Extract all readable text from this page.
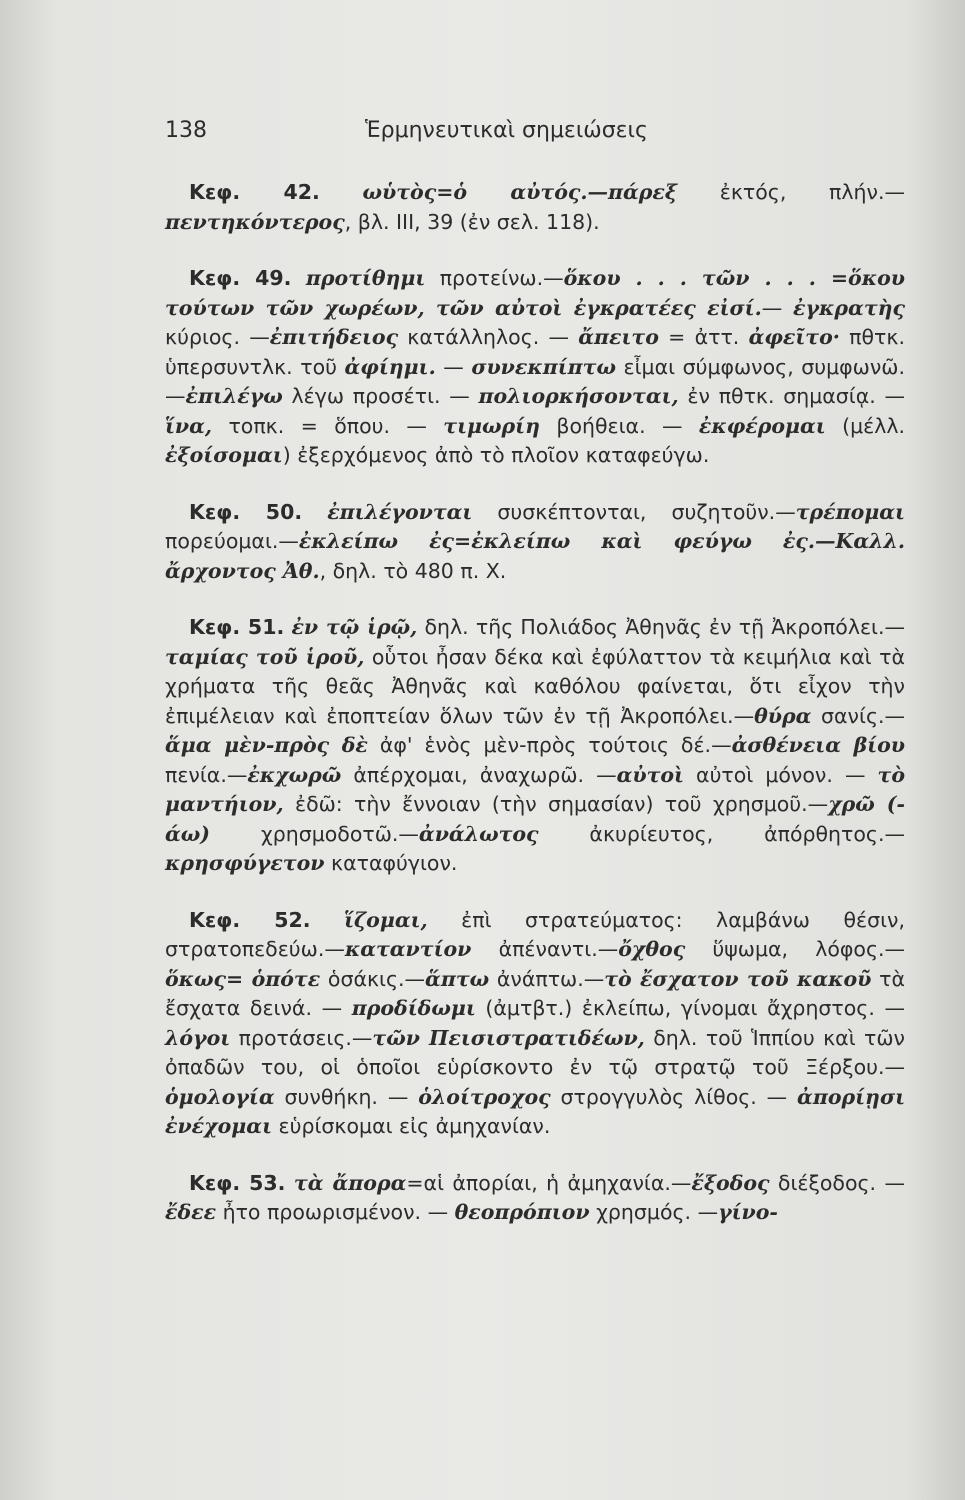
138	Ἑρμηνευτικαὶ σημειώσεις

Κεφ. 42. ωὑτὸς=ὁ αὐτός.—πάρεξ ἐκτός, πλήν.—πεντηκόντερος, βλ. III, 39 (ἐν σελ. 118).

Κεφ. 49. προτίθημι προτείνω.—ὅκου . . . τῶν . . . =ὅκου τούτων τῶν χωρέων, τῶν αὐτοὶ ἐγκρατέες εἰσί.— ἐγκρατὴς κύριος. —ἐπιτήδειος κατάλληλος. — ἄπειτο = ἀττ. ἀφεῖτο· πθτκ. ὑπερσυντλκ. τοῦ ἀφίημι. — συνεκπίπτω εἶμαι σύμφωνος, συμφωνῶ. —ἐπιλέγω λέγω προσέτι. — πολιορκήσονται, ἐν πθτκ. σημασίᾳ. — ἵνα, τοπκ. = ὅπου. — τιμωρίη βοήθεια. — ἐκφέρομαι (μέλλ. ἐξοίσομαι) ἐξερχόμενος ἀπὸ τὸ πλοῖον καταφεύγω.

Κεφ. 50. ἐπιλέγονται συσκέπτονται, συζητοῦν.—τρέπομαι πορεύομαι.—ἐκλείπω ἐς=ἐκλείπω καὶ φεύγω ἐς.—Καλλ. ἄρχοντος Ἀθ., δηλ. τὸ 480 π. Χ.

Κεφ. 51. ἐν τῷ ἱρῷ, δηλ. τῆς Πολιάδος Ἀθηνᾶς ἐν τῇ Ἀκροπόλει.—ταμίας τοῦ ἱροῦ, οὗτοι ἦσαν δέκα καὶ ἐφύλαττον τὰ κειμήλια καὶ τὰ χρήματα τῆς θεᾶς Ἀθηνᾶς καὶ καθόλου φαίνεται, ὅτι εἶχον τὴν ἐπιμέλειαν καὶ ἐποπτείαν ὅλων τῶν ἐν τῇ Ἀκροπόλει.—θύρα σανίς.—ἅμα μὲν-πρὸς δὲ ἀφ' ἑνὸς μὲν-πρὸς τούτοις δέ.—ἀσθένεια βίου πενία.—ἐκχωρῶ ἀπέρχομαι, ἀναχωρῶ. —αὐτοὶ αὐτοὶ μόνον. — τὸ μαντήιον, ἐδῶ: τὴν ἔννοιαν (τὴν σημασίαν) τοῦ χρησμοῦ.—χρῶ (-άω) χρησμοδοτῶ.—ἀνάλωτος ἀκυρίευτος, ἀπόρθητος.—κρησφύγετον καταφύγιον.

Κεφ. 52. ἵζομαι, ἐπὶ στρατεύματος: λαμβάνω θέσιν, στρατοπεδεύω.—καταντίον ἀπέναντι.—ὄχθος ὕψωμα, λόφος.—ὅκως= ὁπότε ὁσάκις.—ἅπτω ἀνάπτω.—τὸ ἔσχατον τοῦ κακοῦ τὰ ἔσχατα δεινά. — προδίδωμι (ἀμτβτ.) ἐκλείπω, γίνομαι ἄχρηστος. — λόγοι προτάσεις.—τῶν Πεισιστρατιδέων, δηλ. τοῦ Ἱππίου καὶ τῶν ὀπαδῶν του, οἱ ὁποῖοι εὑρίσκοντο ἐν τῷ στρατῷ τοῦ Ξέρξου.— ὁμολογία συνθήκη. — ὁλοίτροχος στρογγυλὸς λίθος. — ἀπορίῃσι ἐνέχομαι εὑρίσκομαι εἰς ἀμηχανίαν.

Κεφ. 53. τὰ ἄπορα=αἱ ἀπορίαι, ἡ ἀμηχανία.—ἔξοδος διέξοδος. — ἔδεε ἦτο προωρισμένον. — θεοπρόπιον χρησμός. —γίνο-
